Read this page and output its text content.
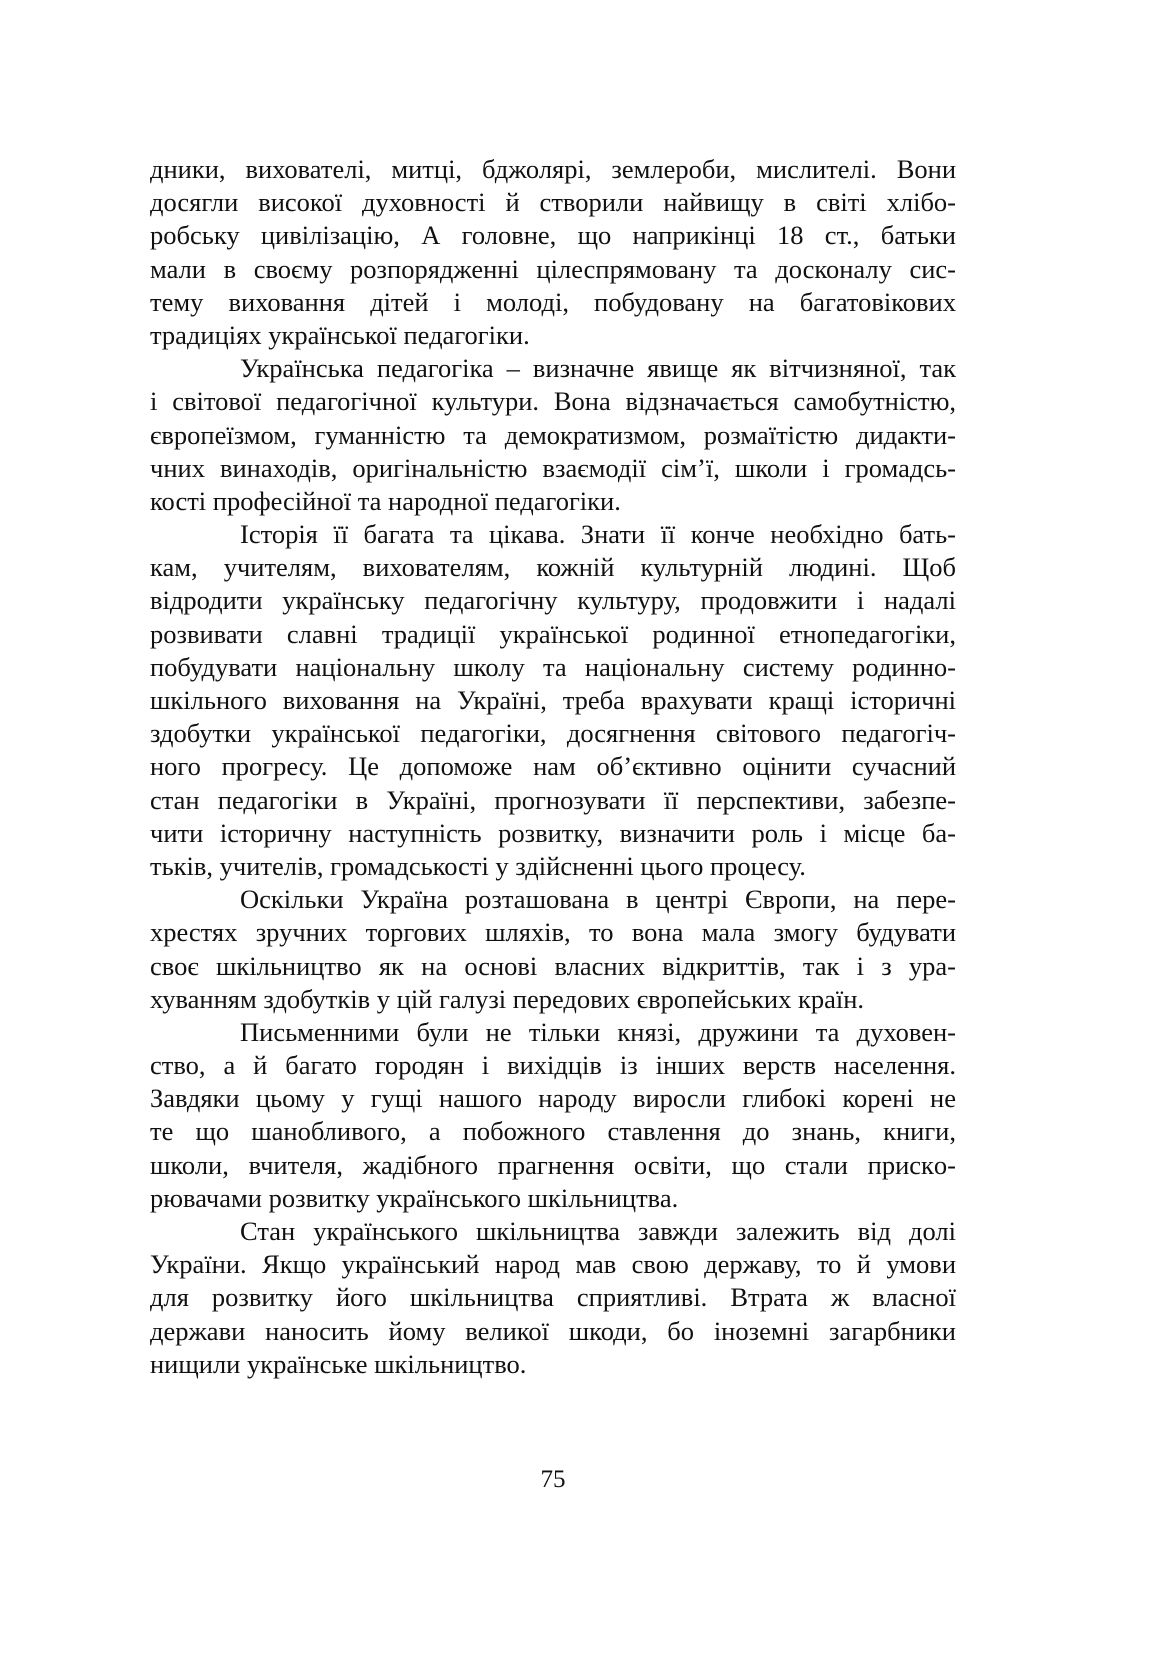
дники, вихователі, митці, бджолярі, землероби, мислителі. Вони
досягли високої духовності й створили найвищу в світі хлібо-
робську цивілізацію, А головне, що наприкінці 18 ст., батьки
мали в своєму розпорядженні цілеспрямовану та досконалу сис-
тему виховання дітей і молоді, побудовану на багатовікових
традиціях української педагогіки.
Українська педагогіка – визначне явище як вітчизняної, так
і світової педагогічної культури. Вона відзначається самобутністю,
європеїзмом, гуманністю та демократизмом, розмаїтістю дидакти-
чних винаходів, оригінальністю взаємодії сім’ї, школи і громадсь-
кості професійної та народної педагогіки.
Історія її багата та цікава. Знати її конче необхідно бать-
кам, учителям, вихователям, кожній культурній людині. Щоб
відродити українську педагогічну культуру, продовжити і надалі
розвивати славні традиції української родинної етнопедагогіки,
побудувати національну школу та національну систему родинно-
шкільного виховання на Україні, треба врахувати кращі історичні
здобутки української педагогіки, досягнення світового педагогіч-
ного прогресу. Це допоможе нам об’єктивно оцінити сучасний
стан педагогіки в Україні, прогнозувати її перспективи, забезпе-
чити історичну наступність розвитку, визначити роль і місце ба-
тьків, учителів, громадськості у здійсненні цього процесу.
Оскільки Україна розташована в центрі Європи, на пере-
хрестях зручних торгових шляхів, то вона мала змогу будувати
своє шкільництво як на основі власних відкриттів, так і з ура-
хуванням здобутків у цій галузі передових європейських країн.
Письменними були не тільки князі, дружини та духовен-
ство, а й багато городян і вихідців із інших верств населення.
Завдяки цьому у гущі нашого народу виросли глибокі корені не
те що шанобливого, а побожного ставлення до знань, книги,
школи, вчителя, жадібного прагнення освіти, що стали прискo-
рювачами розвитку українського шкільництва.
Стан українського шкільництва завжди залежить від долі
України. Якщо український народ мав свою державу, то й умови
для розвитку його шкільництва сприятливі. Втрата ж власної
держави наносить йому великої шкоди, бо іноземні загарбники
нищили українське шкільництво.
75
